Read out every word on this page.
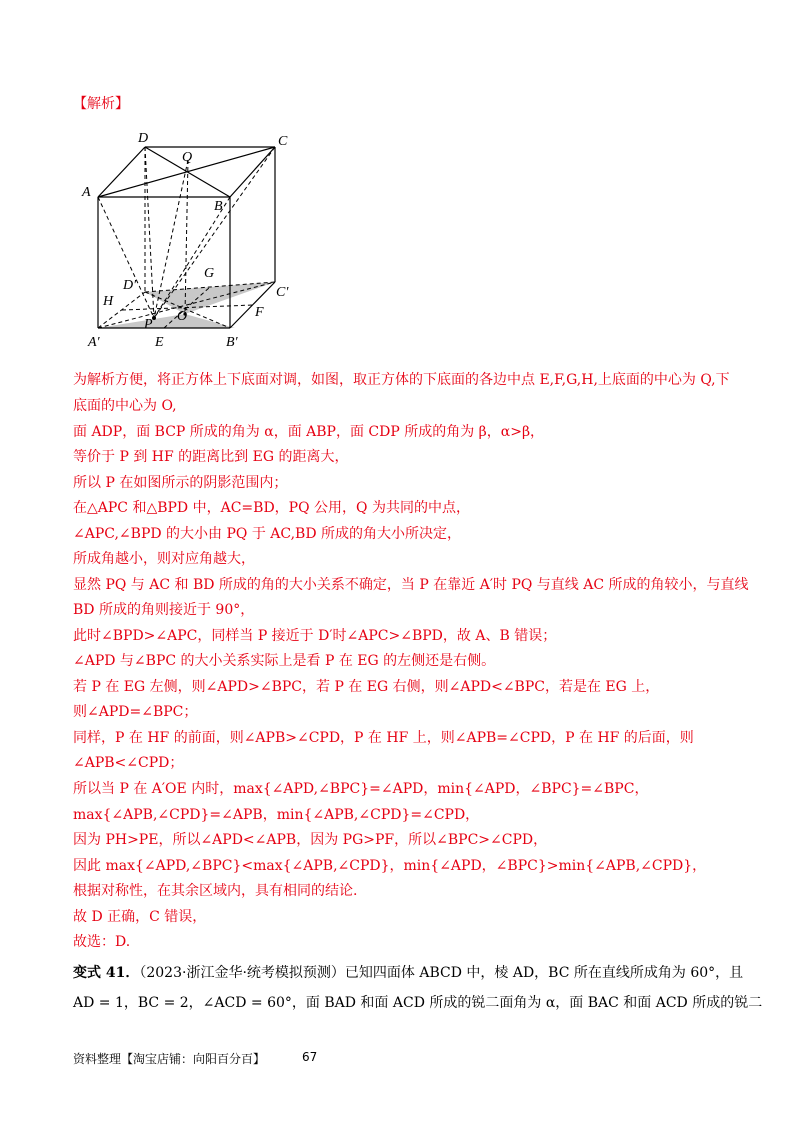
【解析】
D
Q
C
A
B
G
D′	C′
H
O	F
P
A′	E	B′
为解析方便，将正方体上下底面对调，如图，取正方体的下底面的各边中点 E,F,G,H,上底面的中心为 Q,下
底面的中心为 O,
面 ADP，面 BCP 所成的角为 α，面 ABP，面 CDP 所成的角为 β，α>β，
等价于 P 到 HF 的距离比到 EG 的距离大，
所以 P 在如图所示的阴影范围内；
在△APC 和△BPD 中，AC=BD，PQ 公用，Q 为共同的中点，
∠APC,∠BPD 的大小由 PQ 于 AC,BD 所成的角大小所决定，
所成角越小，则对应角越大，
显然 PQ 与 AC 和 BD 所成的角的大小关系不确定，当 P 在靠近 A′时 PQ 与直线 AC 所成的角较小，与直线
BD 所成的角则接近于 90°，
此时∠BPD>∠APC，同样当 P 接近于 D′时∠APC>∠BPD，故 A、B 错误；
∠APD 与∠BPC 的大小关系实际上是看 P 在 EG 的左侧还是右侧。
若 P 在 EG 左侧，则∠APD>∠BPC，若 P 在 EG 右侧，则∠APD<∠BPC，若是在 EG 上，
则∠APD=∠BPC；
同样，P 在 HF 的前面，则∠APB>∠CPD，P 在 HF 上，则∠APB=∠CPD，P 在 HF 的后面，则
∠APB<∠CPD；
所以当 P 在 A′OE 内时，max{∠APD,∠BPC}=∠APD，min{∠APD，∠BPC}=∠BPC，
max{∠APB,∠CPD}=∠APB，min{∠APB,∠CPD}=∠CPD，
因为 PH>PE，所以∠APD<∠APB，因为 PG>PF，所以∠BPC>∠CPD，
因此 max{∠APD,∠BPC}<max{∠APB,∠CPD}，min{∠APD，∠BPC}>min{∠APB,∠CPD}，
根据对称性，在其余区域内，具有相同的结论.
故 D 正确，C 错误，
故选：D.
变式 41．（2023·浙江金华·统考模拟预测）已知四面体 ABCD 中，棱 AD，BC 所在直线所成角为 60°，且
AD = 1，BC = 2，∠ACD = 60°，面 BAD 和面 ACD 所成的锐二面角为 α，面 BAC 和面 ACD 所成的锐二
资料整理【淘宝店铺：向阳百分百】	67
